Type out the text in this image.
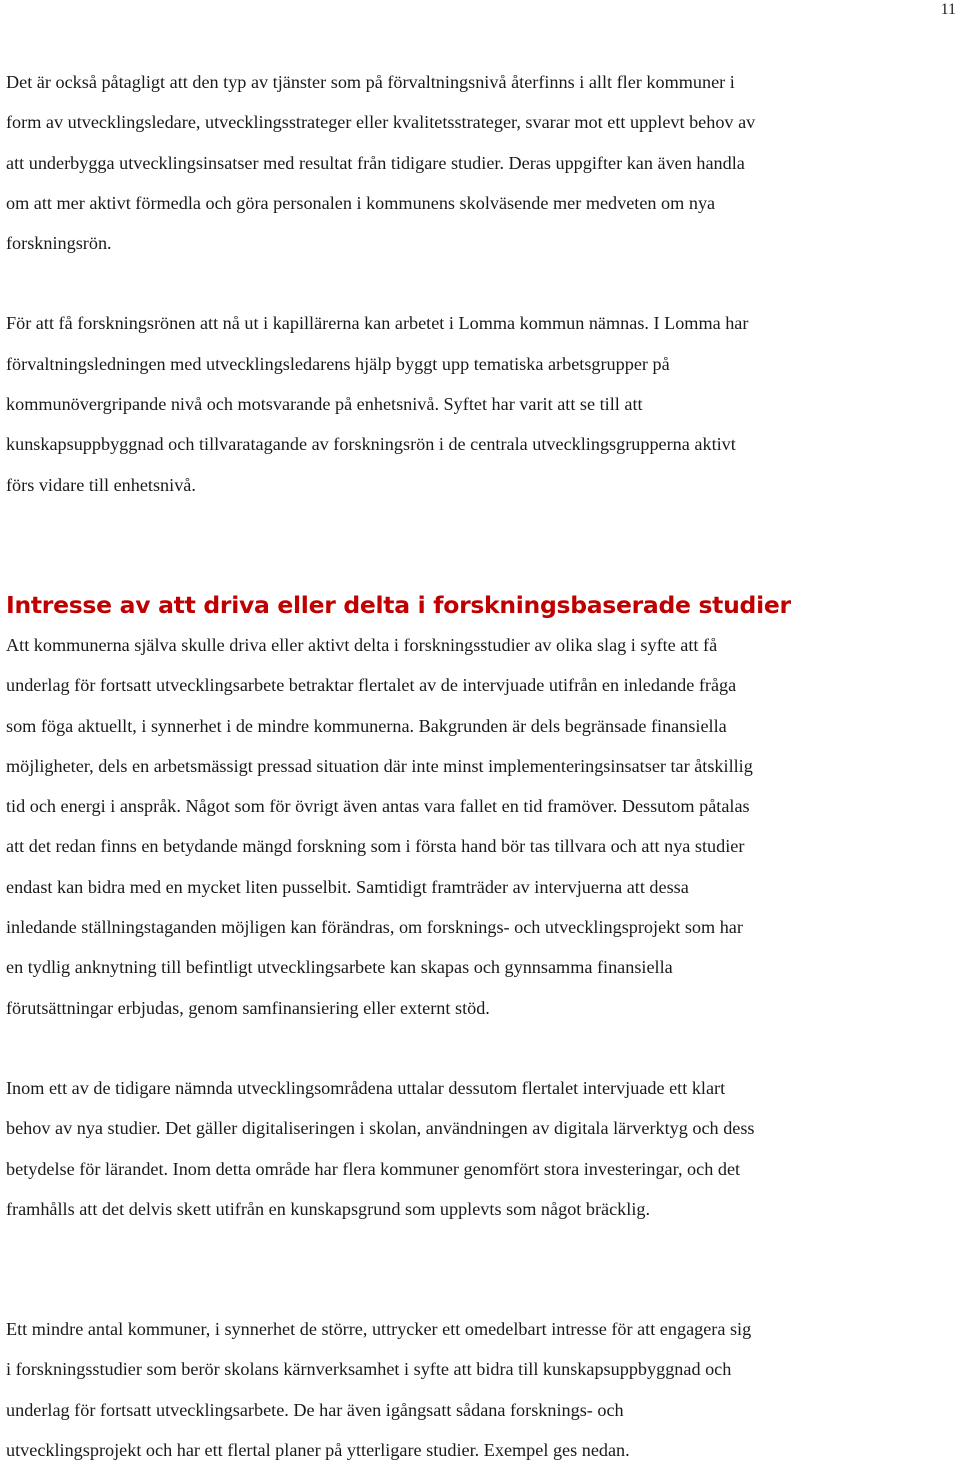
11

Det är också påtagligt att den typ av tjänster som på förvaltningsnivå återfinns i allt fler kommuner i
form av utvecklingsledare, utvecklingsstrateger eller kvalitetsstrateger, svarar mot ett upplevt behov av
att underbygga utvecklingsinsatser med resultat från tidigare studier. Deras uppgifter kan även handla
om att mer aktivt förmedla och göra personalen i kommunens skolväsende mer medveten om nya
forskningsrön.

För att få forskningsrönen att nå ut i kapillärerna kan arbetet i Lomma kommun nämnas. I Lomma har
förvaltningsledningen med utvecklingsledarens hjälp byggt upp tematiska arbetsgrupper på
kommunövergripande nivå och motsvarande på enhetsnivå. Syftet har varit att se till att
kunskapsuppbyggnad och tillvaratagande av forskningsrön i de centrala utvecklingsgrupperna aktivt
förs vidare till enhetsnivå.

Intresse av att driva eller delta i forskningsbaserade studier

Att kommunerna själva skulle driva eller aktivt delta i forskningsstudier av olika slag i syfte att få
underlag för fortsatt utvecklingsarbete betraktar flertalet av de intervjuade utifrån en inledande fråga
som föga aktuellt, i synnerhet i de mindre kommunerna. Bakgrunden är dels begränsade finansiella
möjligheter, dels en arbetsmässigt pressad situation där inte minst implementeringsinsatser tar åtskillig
tid och energi i anspråk. Något som för övrigt även antas vara fallet en tid framöver. Dessutom påtalas
att det redan finns en betydande mängd forskning som i första hand bör tas tillvara och att nya studier
endast kan bidra med en mycket liten pusselbit. Samtidigt framträder av intervjuerna att dessa
inledande ställningstaganden möjligen kan förändras, om forsknings- och utvecklingsprojekt som har
en tydlig anknytning till befintligt utvecklingsarbete kan skapas och gynnsamma finansiella
förutsättningar erbjudas, genom samfinansiering eller externt stöd.

Inom ett av de tidigare nämnda utvecklingsområdena uttalar dessutom flertalet intervjuade ett klart
behov av nya studier. Det gäller digitaliseringen i skolan, användningen av digitala lärverktyg och dess
betydelse för lärandet. Inom detta område har flera kommuner genomfört stora investeringar, och det
framhålls att det delvis skett utifrån en kunskapsgrund som upplevts som något bräcklig.

Ett mindre antal kommuner, i synnerhet de större, uttrycker ett omedelbart intresse för att engagera sig
i forskningsstudier som berör skolans kärnverksamhet i syfte att bidra till kunskapsuppbyggnad och
underlag för fortsatt utvecklingsarbete. De har även igångsatt sådana forsknings- och
utvecklingsprojekt och har ett flertal planer på ytterligare studier. Exempel ges nedan.
